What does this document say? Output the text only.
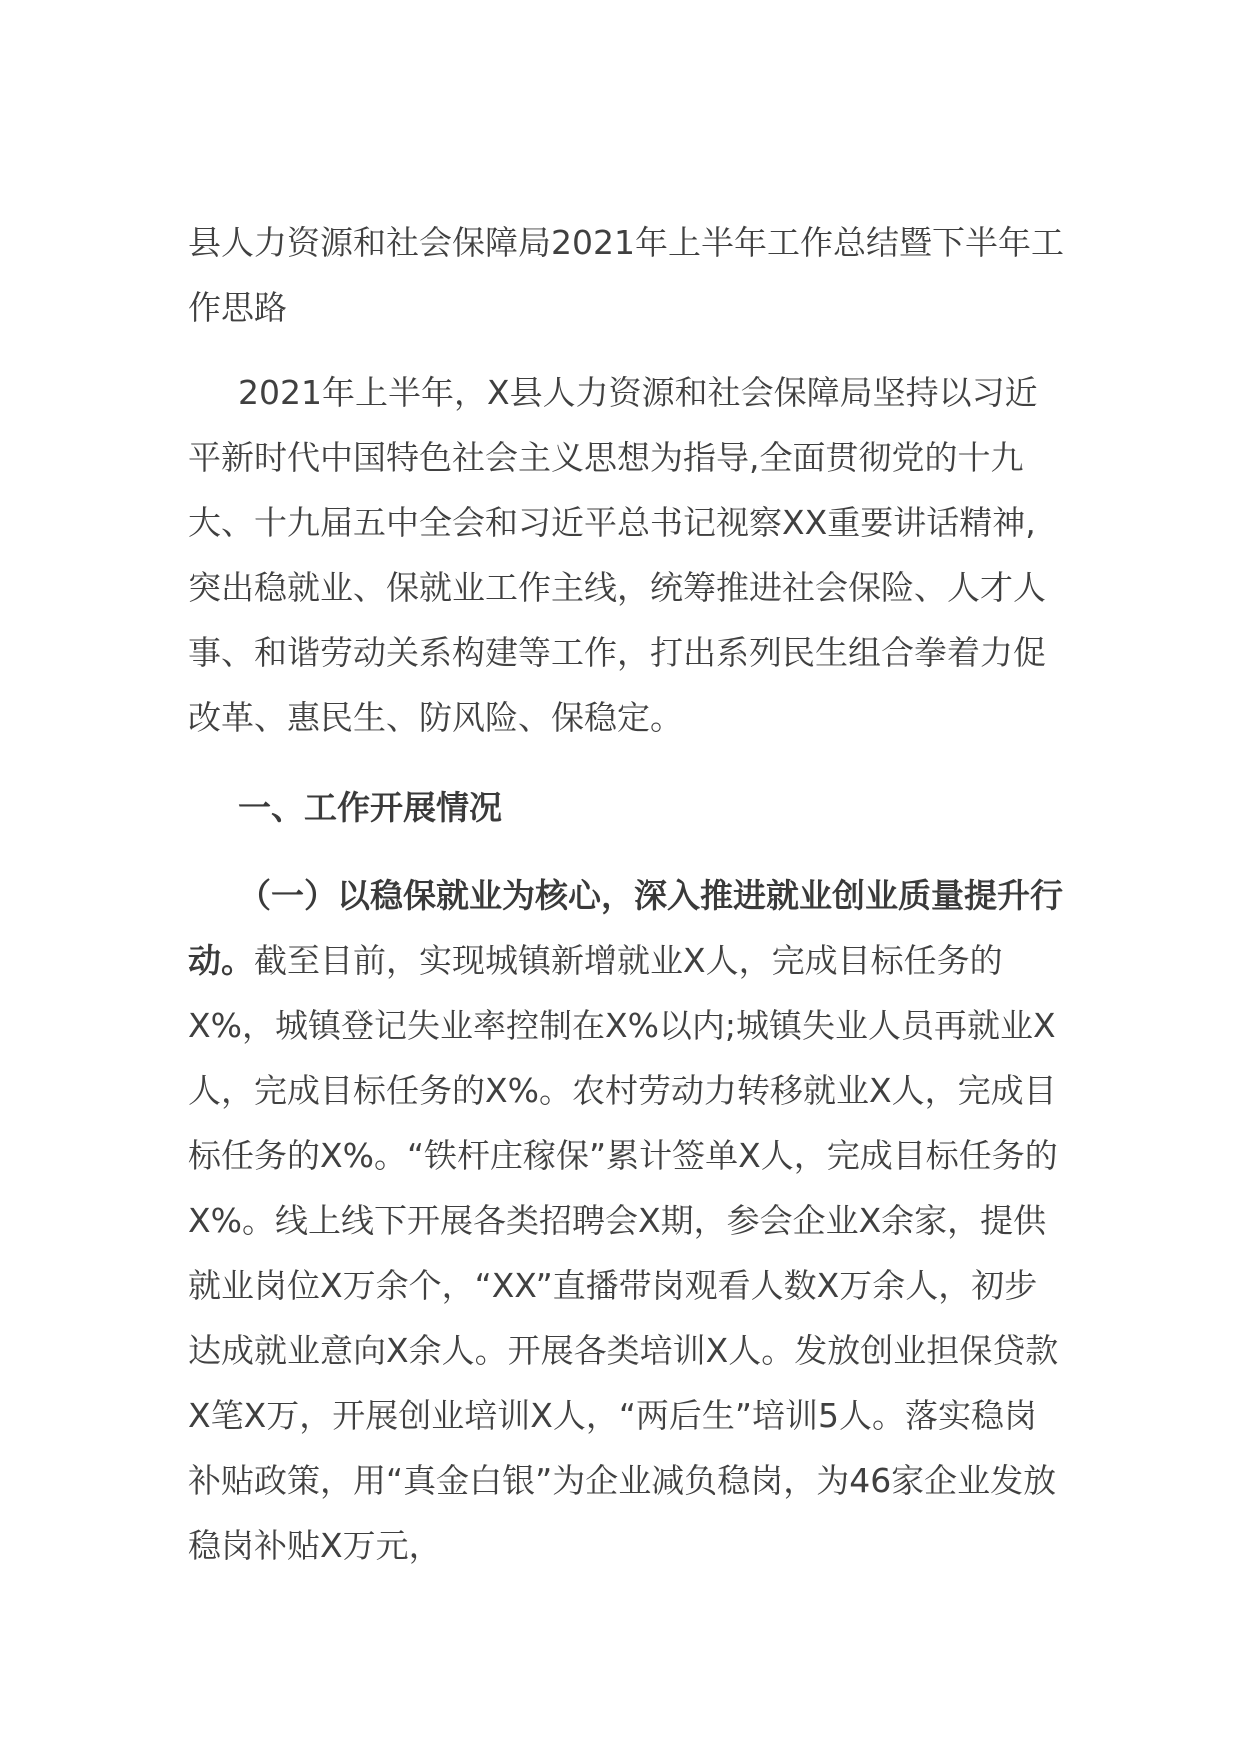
县人力资源和社会保障局2021年上半年工作总结暨下半年工作思路

2021年上半年，X县人力资源和社会保障局坚持以习近平新时代中国特色社会主义思想为指导,全面贯彻党的十九大、十九届五中全会和习近平总书记视察XX重要讲话精神,突出稳就业、保就业工作主线，统筹推进社会保险、人才人事、和谐劳动关系构建等工作，打出系列民生组合拳着力促改革、惠民生、防风险、保稳定。

一、工作开展情况

（一）以稳保就业为核心，深入推进就业创业质量提升行动。截至目前，实现城镇新增就业X人，完成目标任务的X%，城镇登记失业率控制在X%以内;城镇失业人员再就业X人，完成目标任务的X%。农村劳动力转移就业X人，完成目标任务的X%。“铁杆庄稼保”累计签单X人，完成目标任务的X%。线上线下开展各类招聘会X期，参会企业X余家，提供就业岗位X万余个，“XX”直播带岗观看人数X万余人，初步达成就业意向X余人。开展各类培训X人。发放创业担保贷款X笔X万，开展创业培训X人，“两后生”培训5人。落实稳岗补贴政策，用“真金白银”为企业减负稳岗，为46家企业发放稳岗补贴X万元，
